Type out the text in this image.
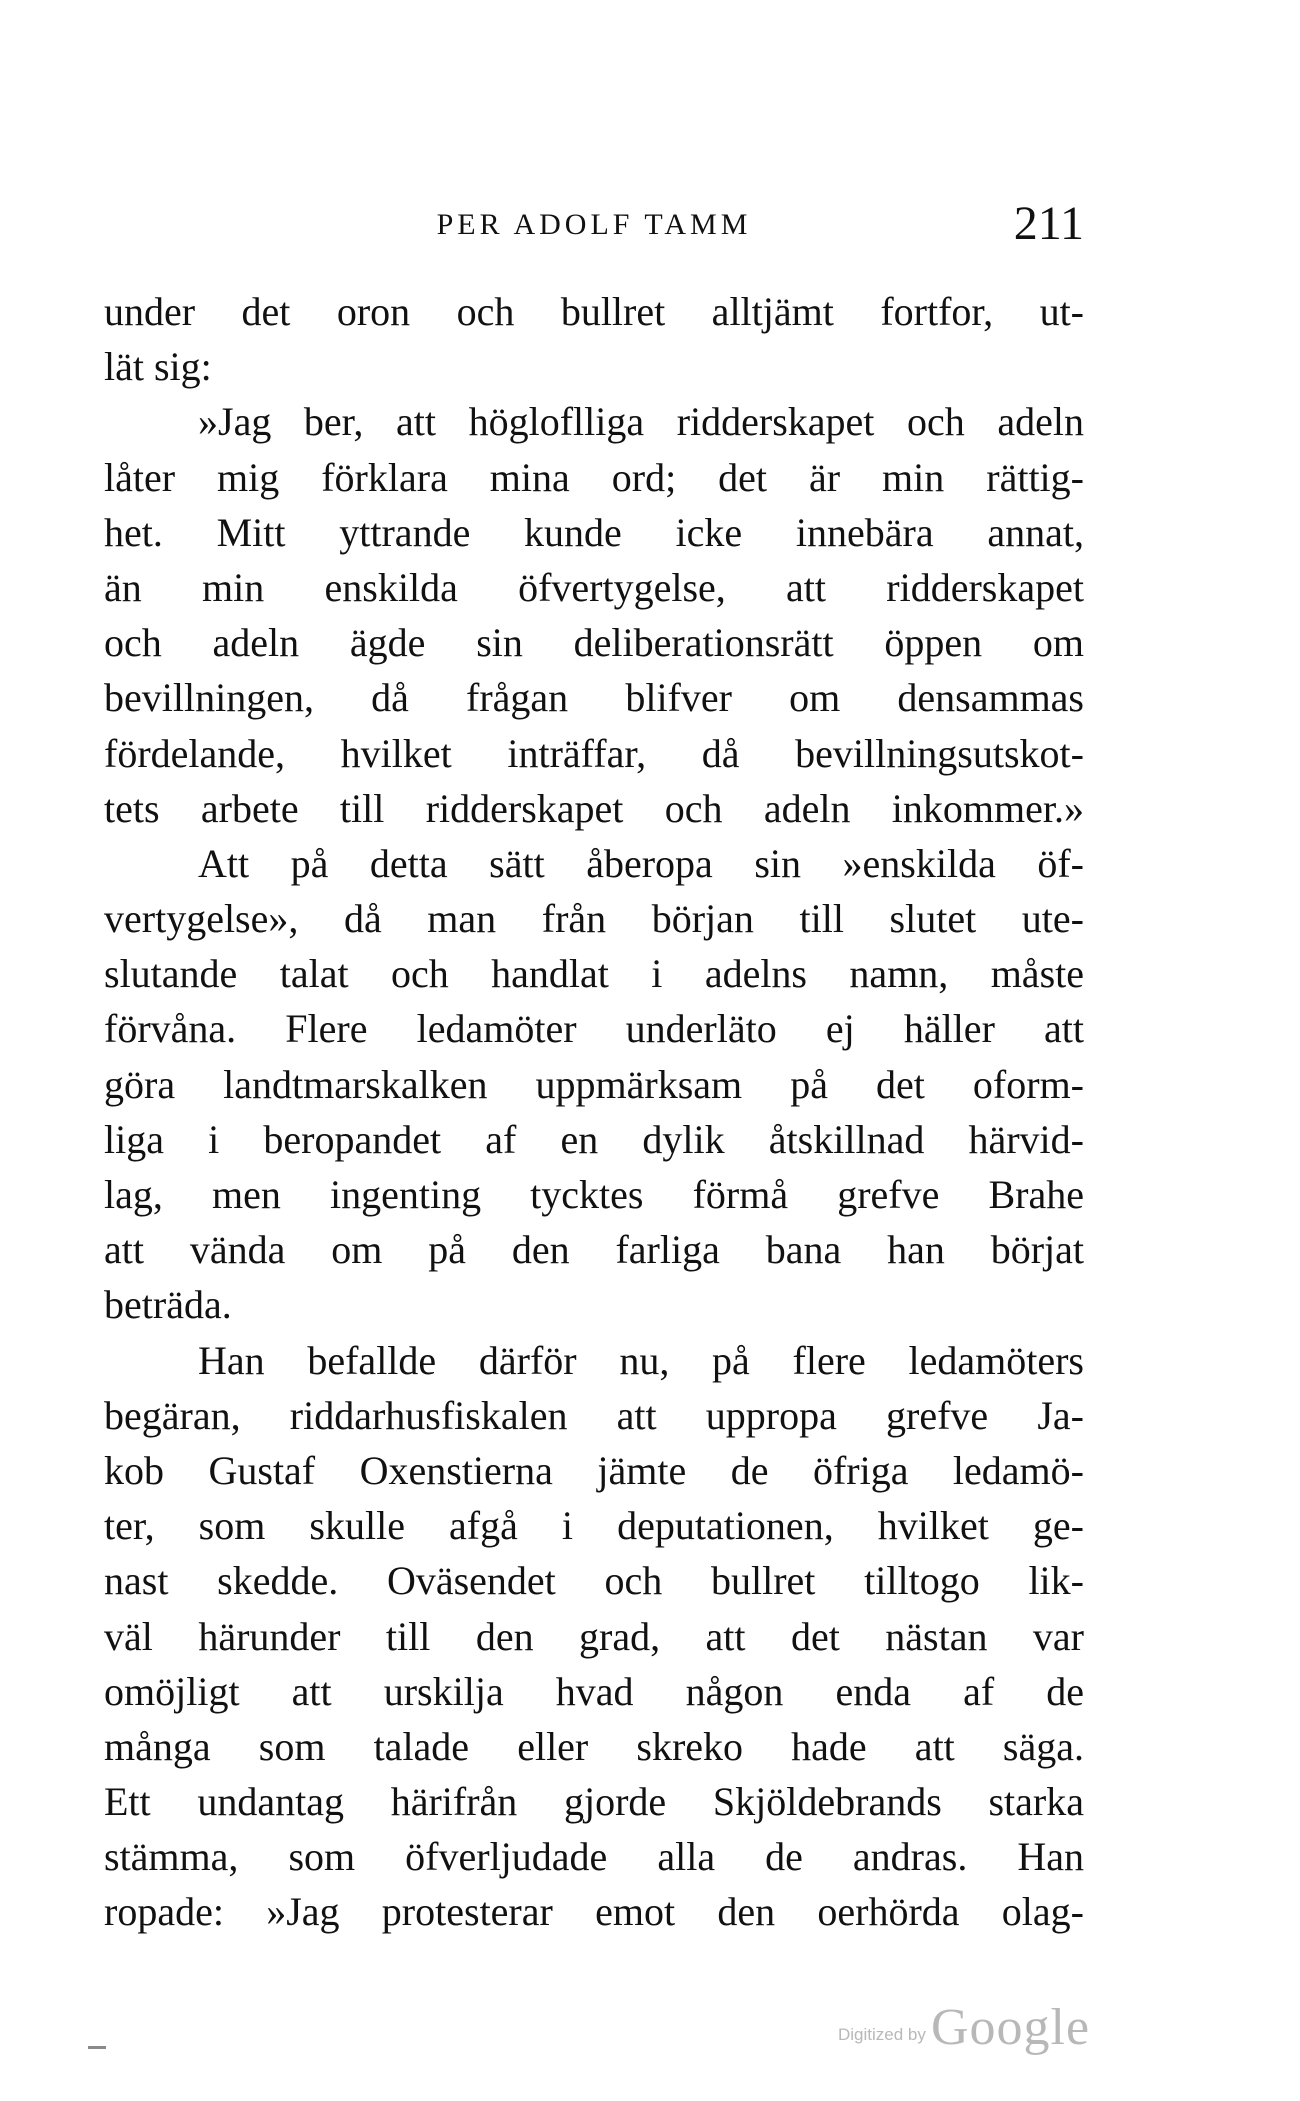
PER ADOLF TAMM	211
under det oron och bullret alltjämt fortfor, ut-
lät sig:
»Jag ber, att högloflliga ridderskapet och adeln
låter mig förklara mina ord; det är min rättig-
het. Mitt yttrande kunde icke innebära annat,
än min enskilda öfvertygelse, att ridderskapet
och adeln ägde sin deliberationsrätt öppen om
bevillningen, då frågan blifver om densammas
fördelande, hvilket inträffar, då bevillningsutskot-
tets arbete till ridderskapet och adeln inkommer.»
Att på detta sätt åberopa sin »enskilda öf-
vertygelse», då man från början till slutet ute-
slutande talat och handlat i adelns namn, måste
förvåna. Flere ledamöter underläto ej häller att
göra landtmarskalken uppmärksam på det oform-
liga i beropandet af en dylik åtskillnad härvid-
lag, men ingenting tycktes förmå grefve Brahe
att vända om på den farliga bana han börjat
beträda.
Han befallde därför nu, på flere ledamöters
begäran, riddarhusfiskalen att uppropa grefve Ja-
kob Gustaf Oxenstierna jämte de öfriga ledamö-
ter, som skulle afgå i deputationen, hvilket ge-
nast skedde. Oväsendet och bullret tilltogo lik-
väl härunder till den grad, att det nästan var
omöjligt att urskilja hvad någon enda af de
många som talade eller skreko hade att säga.
Ett undantag härifrån gjorde Skjöldebrands starka
stämma, som öfverljudade alla de andras. Han
ropade: »Jag protesterar emot den oerhörda olag-
Digitized by Google
